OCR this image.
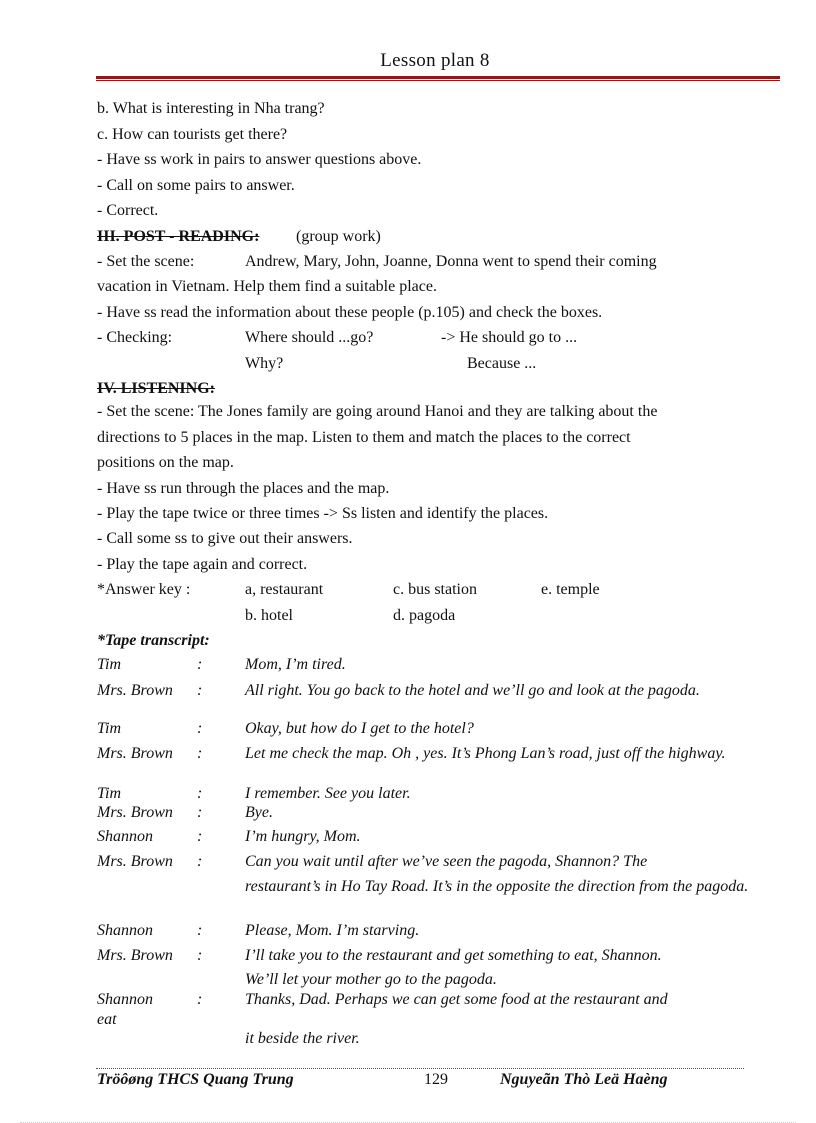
Lesson plan 8
b. What is interesting in Nha trang?
c. How can tourists get there?
- Have ss work in pairs to answer questions above.
- Call on some pairs to answer.
- Correct.
III. POST - READING: (group work)
- Set the scene:	Andrew, Mary, John, Joanne, Donna went to spend their coming
vacation in Vietnam. Help them find a suitable place.
- Have ss read the information about these people (p.105) and check the boxes.
- Checking:	Where should ...go?	-> He should go to ...
Why?	Because ...
IV. LISTENING:
- Set the scene: The Jones family are going around Hanoi and they are talking about the
directions to 5 places in the map. Listen to them and match the places to the correct
positions on the map.
- Have ss run through the places and the map.
- Play the tape twice or three times -> Ss listen and identify the places.
- Call some ss to give out their answers.
- Play the tape again and correct.
*Answer key :	a, restaurant	c. bus station	e. temple
b. hotel	d. pagoda
*Tape transcript:
Tim	:	Mom, I’m tired.
Mrs. Brown :	All right. You go back to the hotel and we’ll go and look at the pagoda.
Tim	:	Okay, but how do I get to the hotel?
Mrs. Brown :	Let me check the map. Oh , yes. It’s Phong Lan’s road, just off the highway.
Tim	:	I remember. See you later.
Mrs. Brown :	Bye.
Shannon	:	I’m hungry, Mom.
Mrs. Brown :	Can you wait until after we’ve seen the pagoda, Shannon? The
restaurant’s in Ho Tay Road. It’s in the opposite the direction from the pagoda.
Shannon	:	Please, Mom. I’m starving.
Mrs. Brown :	I’ll take you to the restaurant and get something to eat, Shannon.
We’ll let your mother go to the pagoda.
Shannon	:	Thanks, Dad. Perhaps we can get some food at the restaurant and
eat
it beside the river.
Tröôøng THCS Quang Trung	129	Nguyeãn Thò Leä Haèng
